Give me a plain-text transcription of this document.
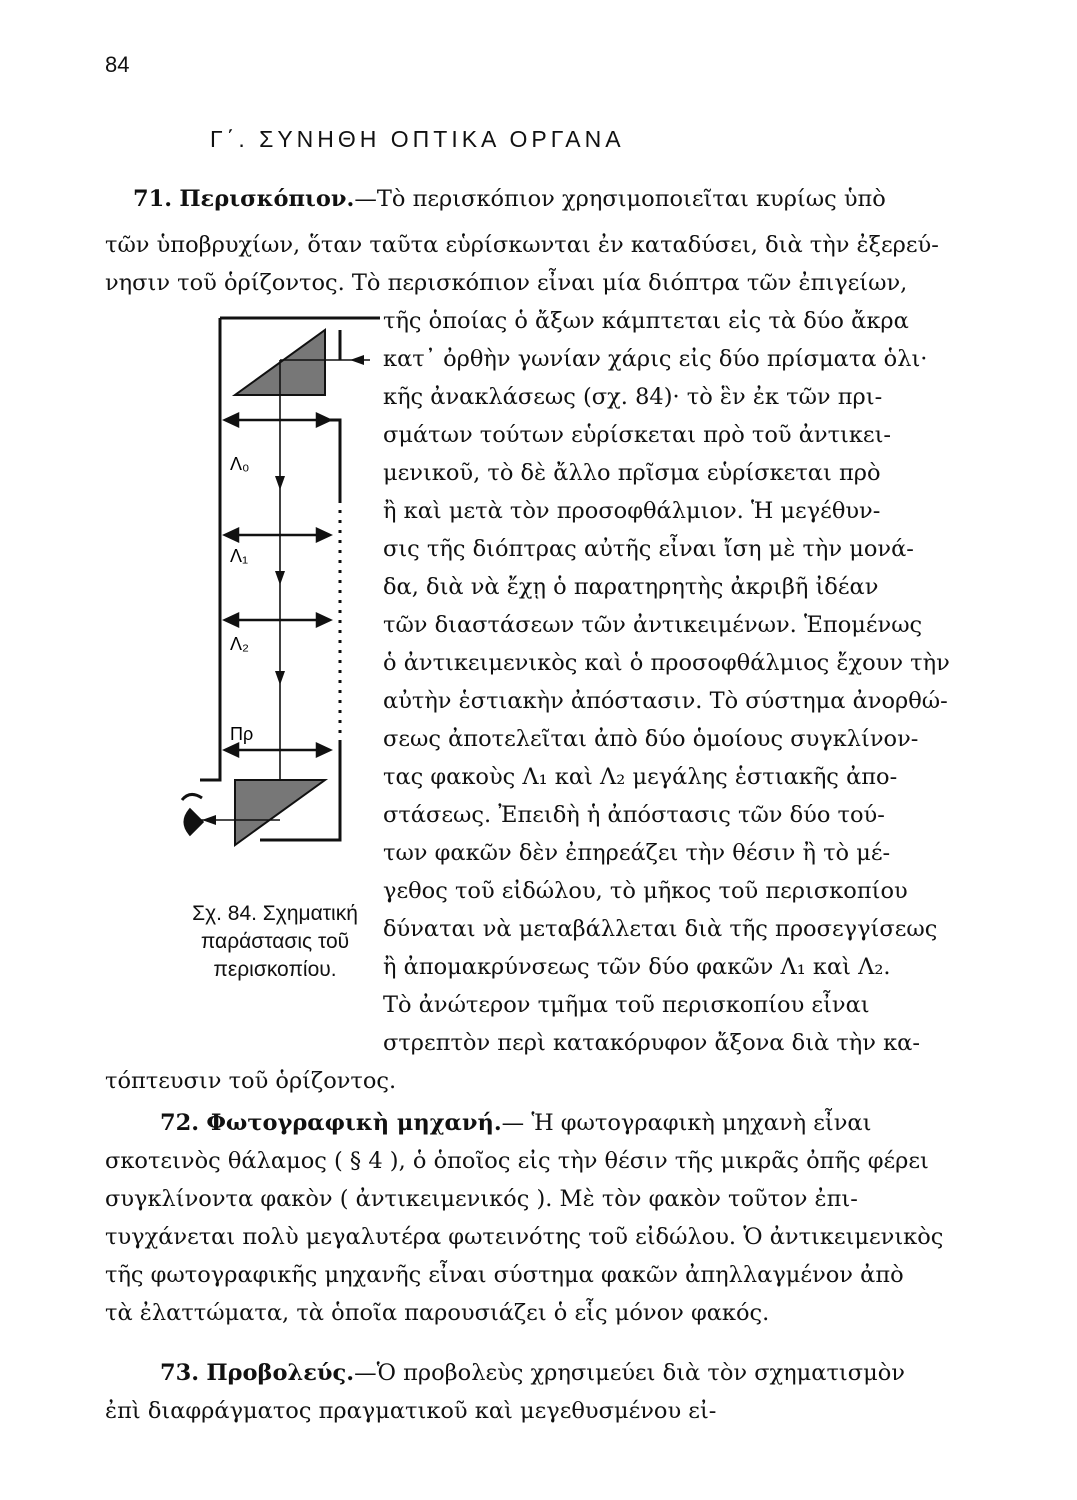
84
Γ΄. ΣΥΝΗΘΗ ΟΠΤΙΚΑ ΟΡΓΑΝΑ
71. Περισκόπιον.—Τὸ περισκόπιον χρησιμοποιεῖται κυρίως ὑπὸ
τῶν ὑποβρυχίων, ὅταν ταῦτα εὑρίσκωνται ἐν καταδύσει, διὰ τὴν ἐξερεύ-
νησιν τοῦ ὁρίζοντος. Τὸ περισκόπιον εἶναι μία διόπτρα τῶν ἐπιγείων,
τῆς ὁποίας ὁ ἄξων κάμπτεται εἰς τὰ δύο ἄκρα
κατ᾽ ὀρθὴν γωνίαν χάρις εἰς δύο πρίσματα ὁλι·
κῆς ἀνακλάσεως (σχ. 84)· τὸ ἓν ἐκ τῶν πρι-
σμάτων τούτων εὑρίσκεται πρὸ τοῦ ἀντικει-
μενικοῦ, τὸ δὲ ἄλλο πρῖσμα εὑρίσκεται πρὸ
ἢ καὶ μετὰ τὸν προσοφθάλμιον. Ἡ μεγέθυν-
σις τῆς διόπτρας αὐτῆς εἶναι ἴση μὲ τὴν μονά-
δα, διὰ νὰ ἔχῃ ὁ παρατηρητὴς ἀκριβῆ ἰδέαν
τῶν διαστάσεων τῶν ἀντικειμένων. Ἑπομένως
ὁ ἀντικειμενικὸς καὶ ὁ προσοφθάλμιος ἔχουν τὴν
αὐτὴν ἑστιακὴν ἀπόστασιν. Τὸ σύστημα ἀνορθώ-
σεως ἀποτελεῖται ἀπὸ δύο ὁμοίους συγκλίνον-
τας φακοὺς Λ₁ καὶ Λ₂ μεγάλης ἑστιακῆς ἀπο-
στάσεως. Ἐπειδὴ ἡ ἀπόστασις τῶν δύο τού-
των φακῶν δὲν ἐπηρεάζει τὴν θέσιν ἢ τὸ μέ-
γεθος τοῦ εἰδώλου, τὸ μῆκος τοῦ περισκοπίου
δύναται νὰ μεταβάλλεται διὰ τῆς προσεγγίσεως
ἢ ἀπομακρύνσεως τῶν δύο φακῶν Λ₁ καὶ Λ₂.
Τὸ ἀνώτερον τμῆμα τοῦ περισκοπίου εἶναι
στρεπτὸν περὶ κατακόρυφον ἄξονα διὰ τὴν κα-
τόπτευσιν τοῦ ὁρίζοντος.
Λ₀
Λ₁
Λ₂
Πρ
Σχ. 84. Σχηματική παράστασις τοῦ περισκοπίου.
72. Φωτογραφικὴ μηχανή.— Ἡ φωτογραφικὴ μηχανὴ εἶναι
σκοτεινὸς θάλαμος ( § 4 ), ὁ ὁποῖος εἰς τὴν θέσιν τῆς μικρᾶς ὀπῆς φέρει
συγκλίνοντα φακὸν ( ἀντικειμενικός ). Μὲ τὸν φακὸν τοῦτον ἐπι-
τυγχάνεται πολὺ μεγαλυτέρα φωτεινότης τοῦ εἰδώλου. Ὁ ἀντικειμενικὸς
τῆς φωτογραφικῆς μηχανῆς εἶναι σύστημα φακῶν ἀπηλλαγμένον ἀπὸ
τὰ ἐλαττώματα, τὰ ὁποῖα παρουσιάζει ὁ εἷς μόνον φακός.
73. Προβολεύς.—Ὁ προβολεὺς χρησιμεύει διὰ τὸν σχηματισμὸν
ἐπὶ διαφράγματος πραγματικοῦ καὶ μεγεθυσμένου εἰ-
